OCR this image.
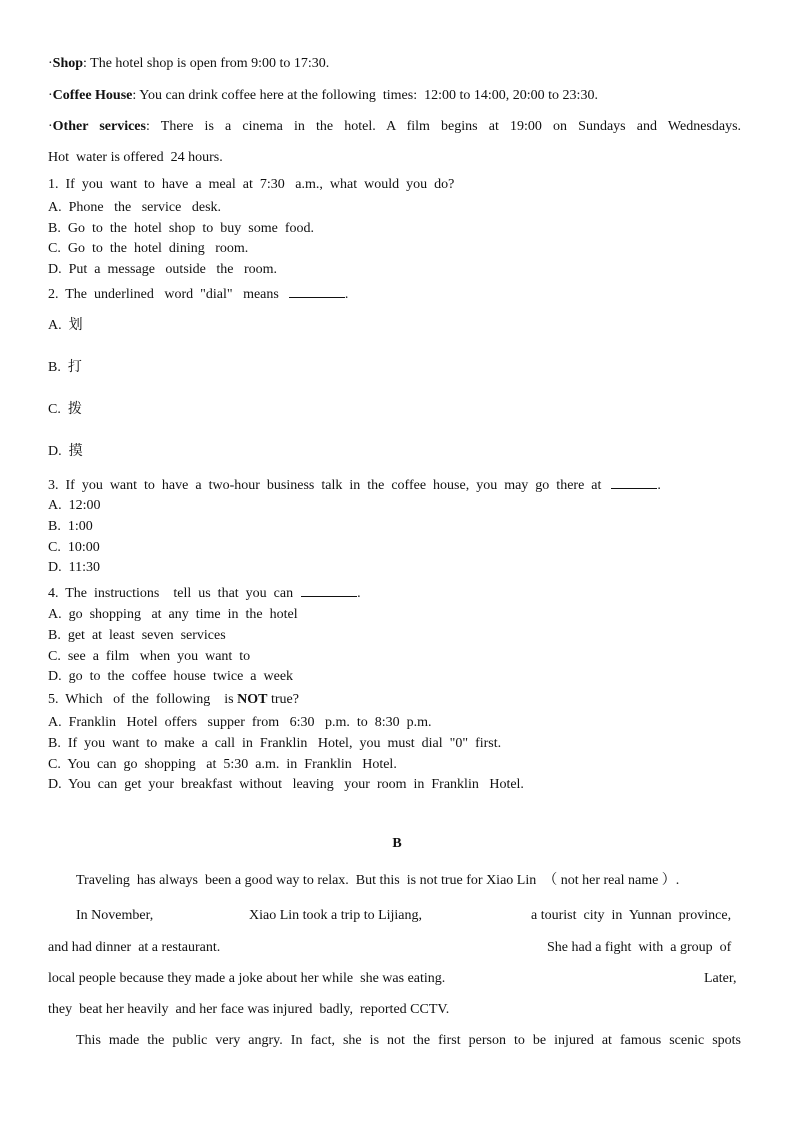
·Shop: The hotel shop is open from 9:00 to 17:30.
·Coffee House: You can drink coffee here at the following  times:  12:00 to 14:00, 20:00 to 23:30.
·Other services: There is a cinema in the hotel. A film begins at 19:00 on Sundays and Wednesdays.
Hot  water is offered  24 hours.
1.  If  you  want  to  have  a  meal  at  7:30   a.m.,  what  would  you  do?
A.  Phone   the   service   desk.
B.  Go  to  the  hotel  shop  to  buy  some  food.
C.  Go  to  the  hotel  dining   room.
D.  Put  a  message   outside   the   room.
2.  The  underlined   word  "dial"   means	.
A.  划
B.  打
C.  拨
D.  摸
3.  If  you  want  to  have  a  two-hour  business  talk  in  the  coffee  house,  you  may  go  there  at	.
A.  12:00
B.  1:00
C.  10:00
D.  11:30
4.  The  instructions    tell  us  that  you  can	.
A.  go  shopping   at  any  time  in  the  hotel
B.  get  at  least  seven  services
C.  see  a  film   when  you  want  to
D.  go  to  the  coffee  house  twice  a  week
5.  Which   of  the  following    is NOT true?
A.  Franklin   Hotel  offers   supper  from   6:30   p.m.  to  8:30  p.m.
B.  If  you  want  to  make  a  call  in  Franklin   Hotel,  you  must  dial  "0"  first.
C.  You  can  go  shopping   at  5:30  a.m.  in  Franklin   Hotel.
D.  You  can  get  your  breakfast  without   leaving   your  room  in  Franklin   Hotel.
B
Traveling  has always  been a good way to relax.  But this  is not true for Xiao Lin  （ not her real name ）.
In November,	Xiao Lin took a trip to Lijiang,	a tourist  city  in  Yunnan  province,
and had dinner  at a restaurant.	She had a fight  with  a group  of
local people because they made a joke about her while  she was eating.	Later,
they  beat her heavily  and her face was injured  badly,  reported CCTV.
This made the public very angry. In fact, she is not the first person to be injured at famous scenic spots
